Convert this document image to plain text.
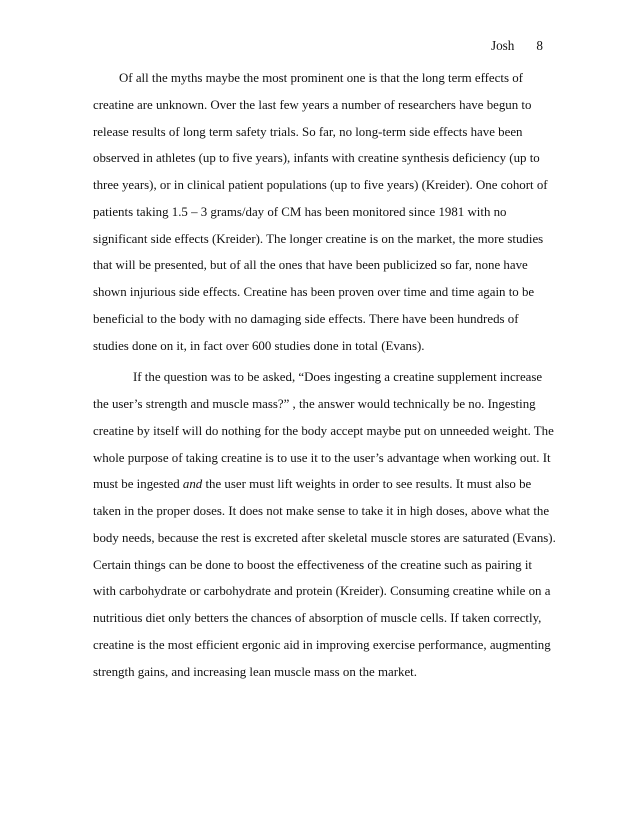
Josh 8
Of all the myths maybe the most prominent one is that the long term effects of
creatine are unknown. Over the last few years a number of researchers have begun to
release results of long term safety trials. So far, no long-term side effects have been
observed in athletes (up to five years), infants with creatine synthesis deficiency (up to
three years), or in clinical patient populations (up to five years) (Kreider). One cohort of
patients taking 1.5 – 3 grams/day of CM has been monitored since 1981 with no
significant side effects (Kreider). The longer creatine is on the market, the more studies
that will be presented, but of all the ones that have been publicized so far, none have
shown injurious side effects. Creatine has been proven over time and time again to be
beneficial to the body with no damaging side effects. There have been hundreds of
studies done on it, in fact over 600 studies done in total (Evans).
If the question was to be asked, “Does ingesting a creatine supplement increase
the user’s strength and muscle mass?” , the answer would technically be no. Ingesting
creatine by itself will do nothing for the body accept maybe put on unneeded weight. The
whole purpose of taking creatine is to use it to the user’s advantage when working out. It
must be ingested and the user must lift weights in order to see results. It must also be
taken in the proper doses. It does not make sense to take it in high doses, above what the
body needs, because the rest is excreted after skeletal muscle stores are saturated (Evans).
Certain things can be done to boost the effectiveness of the creatine such as pairing it
with carbohydrate or carbohydrate and protein (Kreider). Consuming creatine while on a
nutritious diet only betters the chances of absorption of muscle cells. If taken correctly,
creatine is the most efficient ergonic aid in improving exercise performance, augmenting
strength gains, and increasing lean muscle mass on the market.
